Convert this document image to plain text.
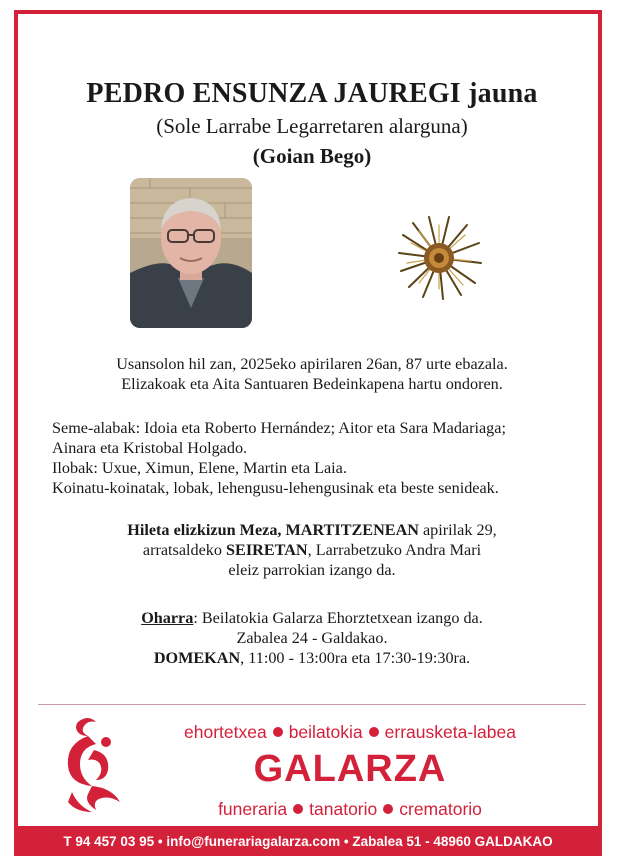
PEDRO ENSUNZA JAUREGI jauna
(Sole Larrabe Legarretaren alarguna)
(Goian Bego)
Usansolon hil zan, 2025eko apirilaren 26an, 87 urte ebazala.
Elizakoak eta Aita Santuaren Bedeinkapena hartu ondoren.
Seme-alabak: Idoia eta Roberto Hernández; Aitor eta Sara Madariaga;
Ainara eta Kristobal Holgado.
Ilobak: Uxue, Ximun, Elene, Martin eta Laia.
Koinatu-koinatak, lobak, lehengusu-lehengusinak eta beste senideak.
Hileta elizkizun Meza, MARTITZENEAN apirilak 29,
arratsaldeko SEIRETAN, Larrabetzuko Andra Mari
eleiz parrokian izango da.
Oharra: Beilatokia Galarza Ehorztetxean izango da.
Zabalea 24 - Galdakao.
DOMEKAN, 11:00 - 13:00ra eta 17:30-19:30ra.
ehortetxea beilatokia errausketa-labea
GALARZA
funeraria tanatorio crematorio
T 94 457 03 95 • info@funerariagalarza.com • Zabalea 51 - 48960 GALDAKAO
